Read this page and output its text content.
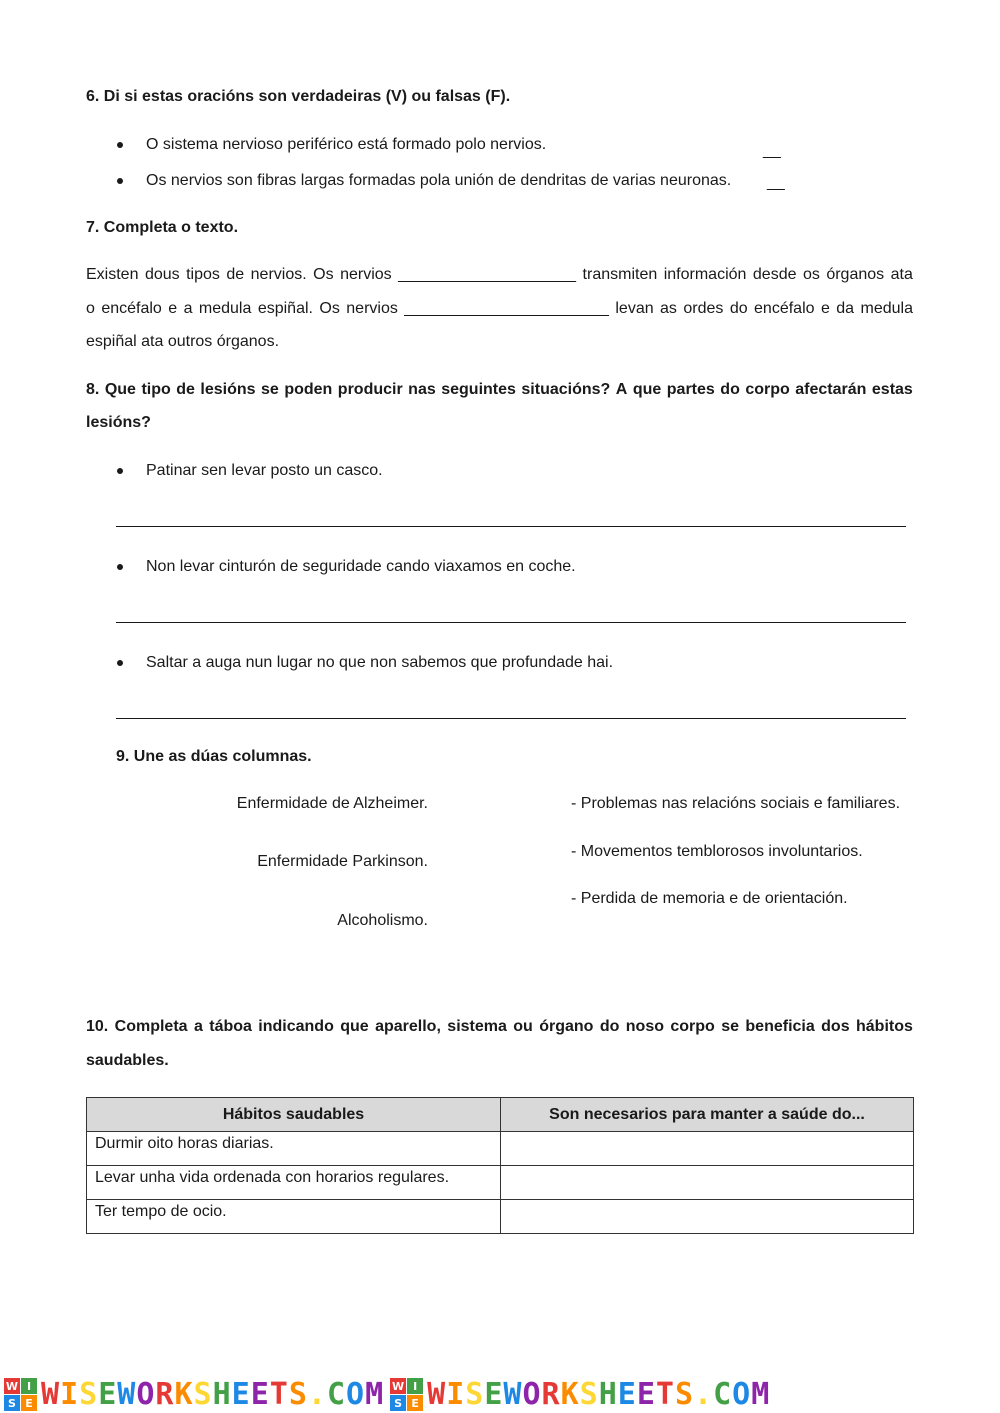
6. Di si estas oracións son verdadeiras (V) ou falsas (F).
O sistema nervioso periférico está formado polo nervios.	__
Os nervios son fibras largas formadas pola unión de dendritas de varias neuronas. __
7. Completa o texto.
Existen dous tipos de nervios. Os nervios ____________________ transmiten información desde os órganos ata
o encéfalo e a medula espiñal. Os nervios _______________________ levan as ordes do encéfalo e da medula
espiñal ata outros órganos.
8. Que tipo de lesións se poden producir nas seguintes situacións? A que partes do corpo afectarán estas
lesións?
Patinar sen levar posto un casco.
Non levar cinturón de seguridade cando viaxamos en coche.
Saltar a auga nun lugar no que non sabemos que profundade hai.
9. Une as dúas columnas.
Enfermidade de Alzheimer.
Enfermidade Parkinson.
Alcoholismo.
- Problemas nas relacións sociais e familiares.
- Movementos temblorosos involuntarios.
- Perdida de memoria e de orientación.
10. Completa a táboa indicando que aparello, sistema ou órgano do noso corpo se beneficia dos hábitos
saudables.
Hábitos saudables	Son necesarios para manter a saúde do...
Durmir oito horas diarias.	
Levar unha vida ordenada con horarios regulares.	
Ter tempo de ocio.	
W I
S E WISEWORKSHEETS.COM W I
S E WISEWORKSHEETS.COM
